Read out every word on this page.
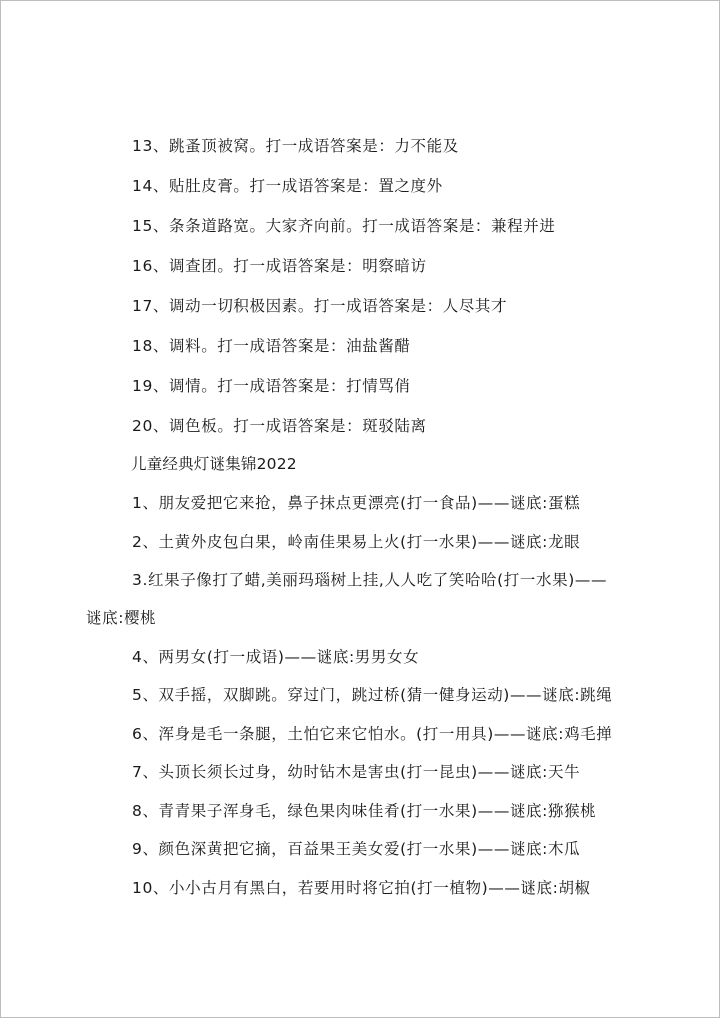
13、跳蚤顶被窝。打一成语答案是：力不能及
14、贴肚皮膏。打一成语答案是：置之度外
15、条条道路宽。大家齐向前。打一成语答案是：兼程并进
16、调查团。打一成语答案是：明察暗访
17、调动一切积极因素。打一成语答案是：人尽其才
18、调料。打一成语答案是：油盐酱醋
19、调情。打一成语答案是：打情骂俏
20、调色板。打一成语答案是：斑驳陆离
儿童经典灯谜集锦2022
1、朋友爱把它来抢，鼻子抹点更漂亮(打一食品)——谜底:蛋糕
2、土黄外皮包白果，岭南佳果易上火(打一水果)——谜底:龙眼
3.红果子像打了蜡,美丽玛瑙树上挂,人人吃了笑哈哈(打一水果)——
谜底:樱桃
4、两男女(打一成语)——谜底:男男女女
5、双手摇，双脚跳。穿过门，跳过桥(猜一健身运动)——谜底:跳绳
6、浑身是毛一条腿，土怕它来它怕水。(打一用具)——谜底:鸡毛掸
7、头顶长须长过身，幼时钻木是害虫(打一昆虫)——谜底:天牛
8、青青果子浑身毛，绿色果肉味佳肴(打一水果)——谜底:猕猴桃
9、颜色深黄把它摘，百益果王美女爱(打一水果)——谜底:木瓜
10、小小古月有黑白，若要用时将它拍(打一植物)——谜底:胡椒
